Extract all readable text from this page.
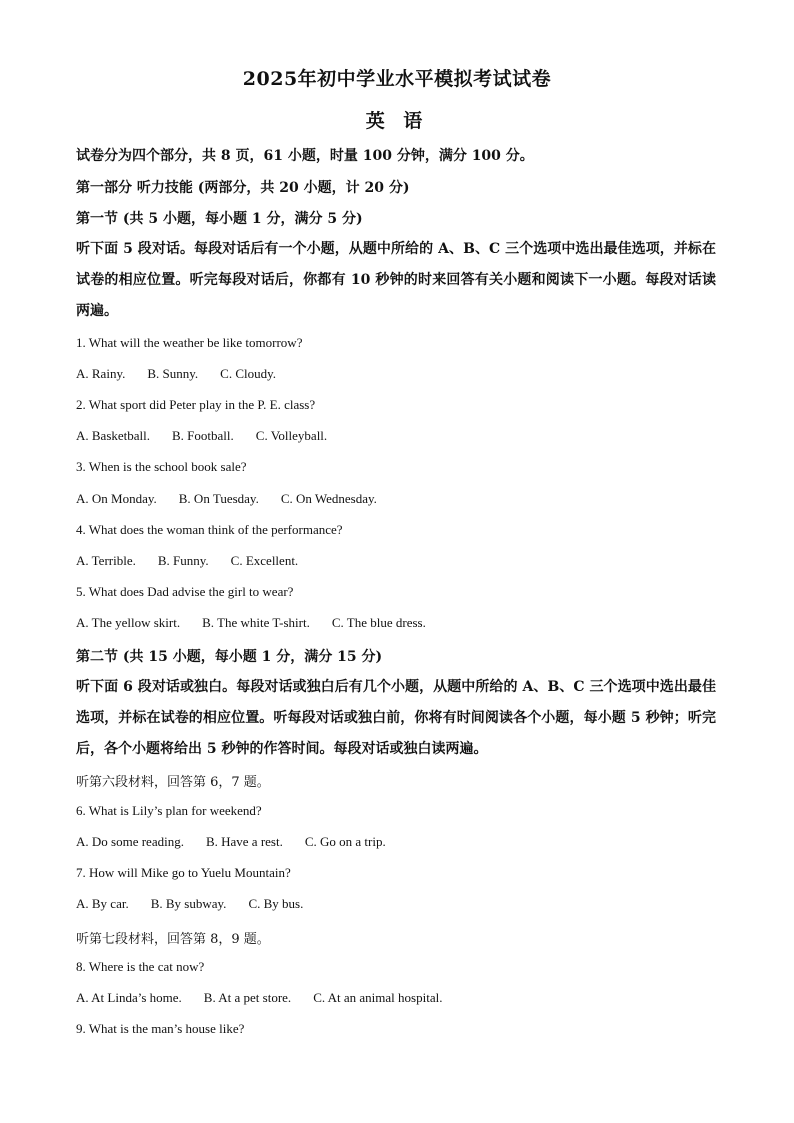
2025年初中学业水平模拟考试试卷
英 语
试卷分为四个部分，共 8 页，61 小题，时量 100 分钟，满分 100 分。
第一部分 听力技能 (两部分，共 20 小题，计 20 分)
第一节 (共 5 小题，每小题 1 分，满分 5 分)
听下面 5 段对话。每段对话后有一个小题，从题中所给的 A、B、C 三个选项中选出最佳选项，并标在试卷的相应位置。听完每段对话后，你都有 10 秒钟的时来回答有关小题和阅读下一小题。每段对话读两遍。
1. What will the weather be like tomorrow?
A. Rainy. B. Sunny. C. Cloudy.
2. What sport did Peter play in the P. E. class?
A. Basketball. B. Football. C. Volleyball.
3. When is the school book sale?
A. On Monday. B. On Tuesday. C. On Wednesday.
4. What does the woman think of the performance?
A. Terrible. B. Funny. C. Excellent.
5. What does Dad advise the girl to wear?
A. The yellow skirt. B. The white T-shirt. C. The blue dress.
第二节 (共 15 小题，每小题 1 分，满分 15 分)
听下面 6 段对话或独白。每段对话或独白后有几个小题，从题中所给的 A、B、C 三个选项中选出最佳选项，并标在试卷的相应位置。听每段对话或独白前，你将有时间阅读各个小题，每小题 5 秒钟；听完后，各个小题将给出 5 秒钟的作答时间。每段对话或独白读两遍。
听第六段材料，回答第 6，7 题。
6. What is Lily’s plan for weekend?
A. Do some reading. B. Have a rest. C. Go on a trip.
7. How will Mike go to Yuelu Mountain?
A. By car. B. By subway. C. By bus.
听第七段材料，回答第 8，9 题。
8. Where is the cat now?
A. At Linda’s home. B. At a pet store. C. At an animal hospital.
9. What is the man’s house like?
